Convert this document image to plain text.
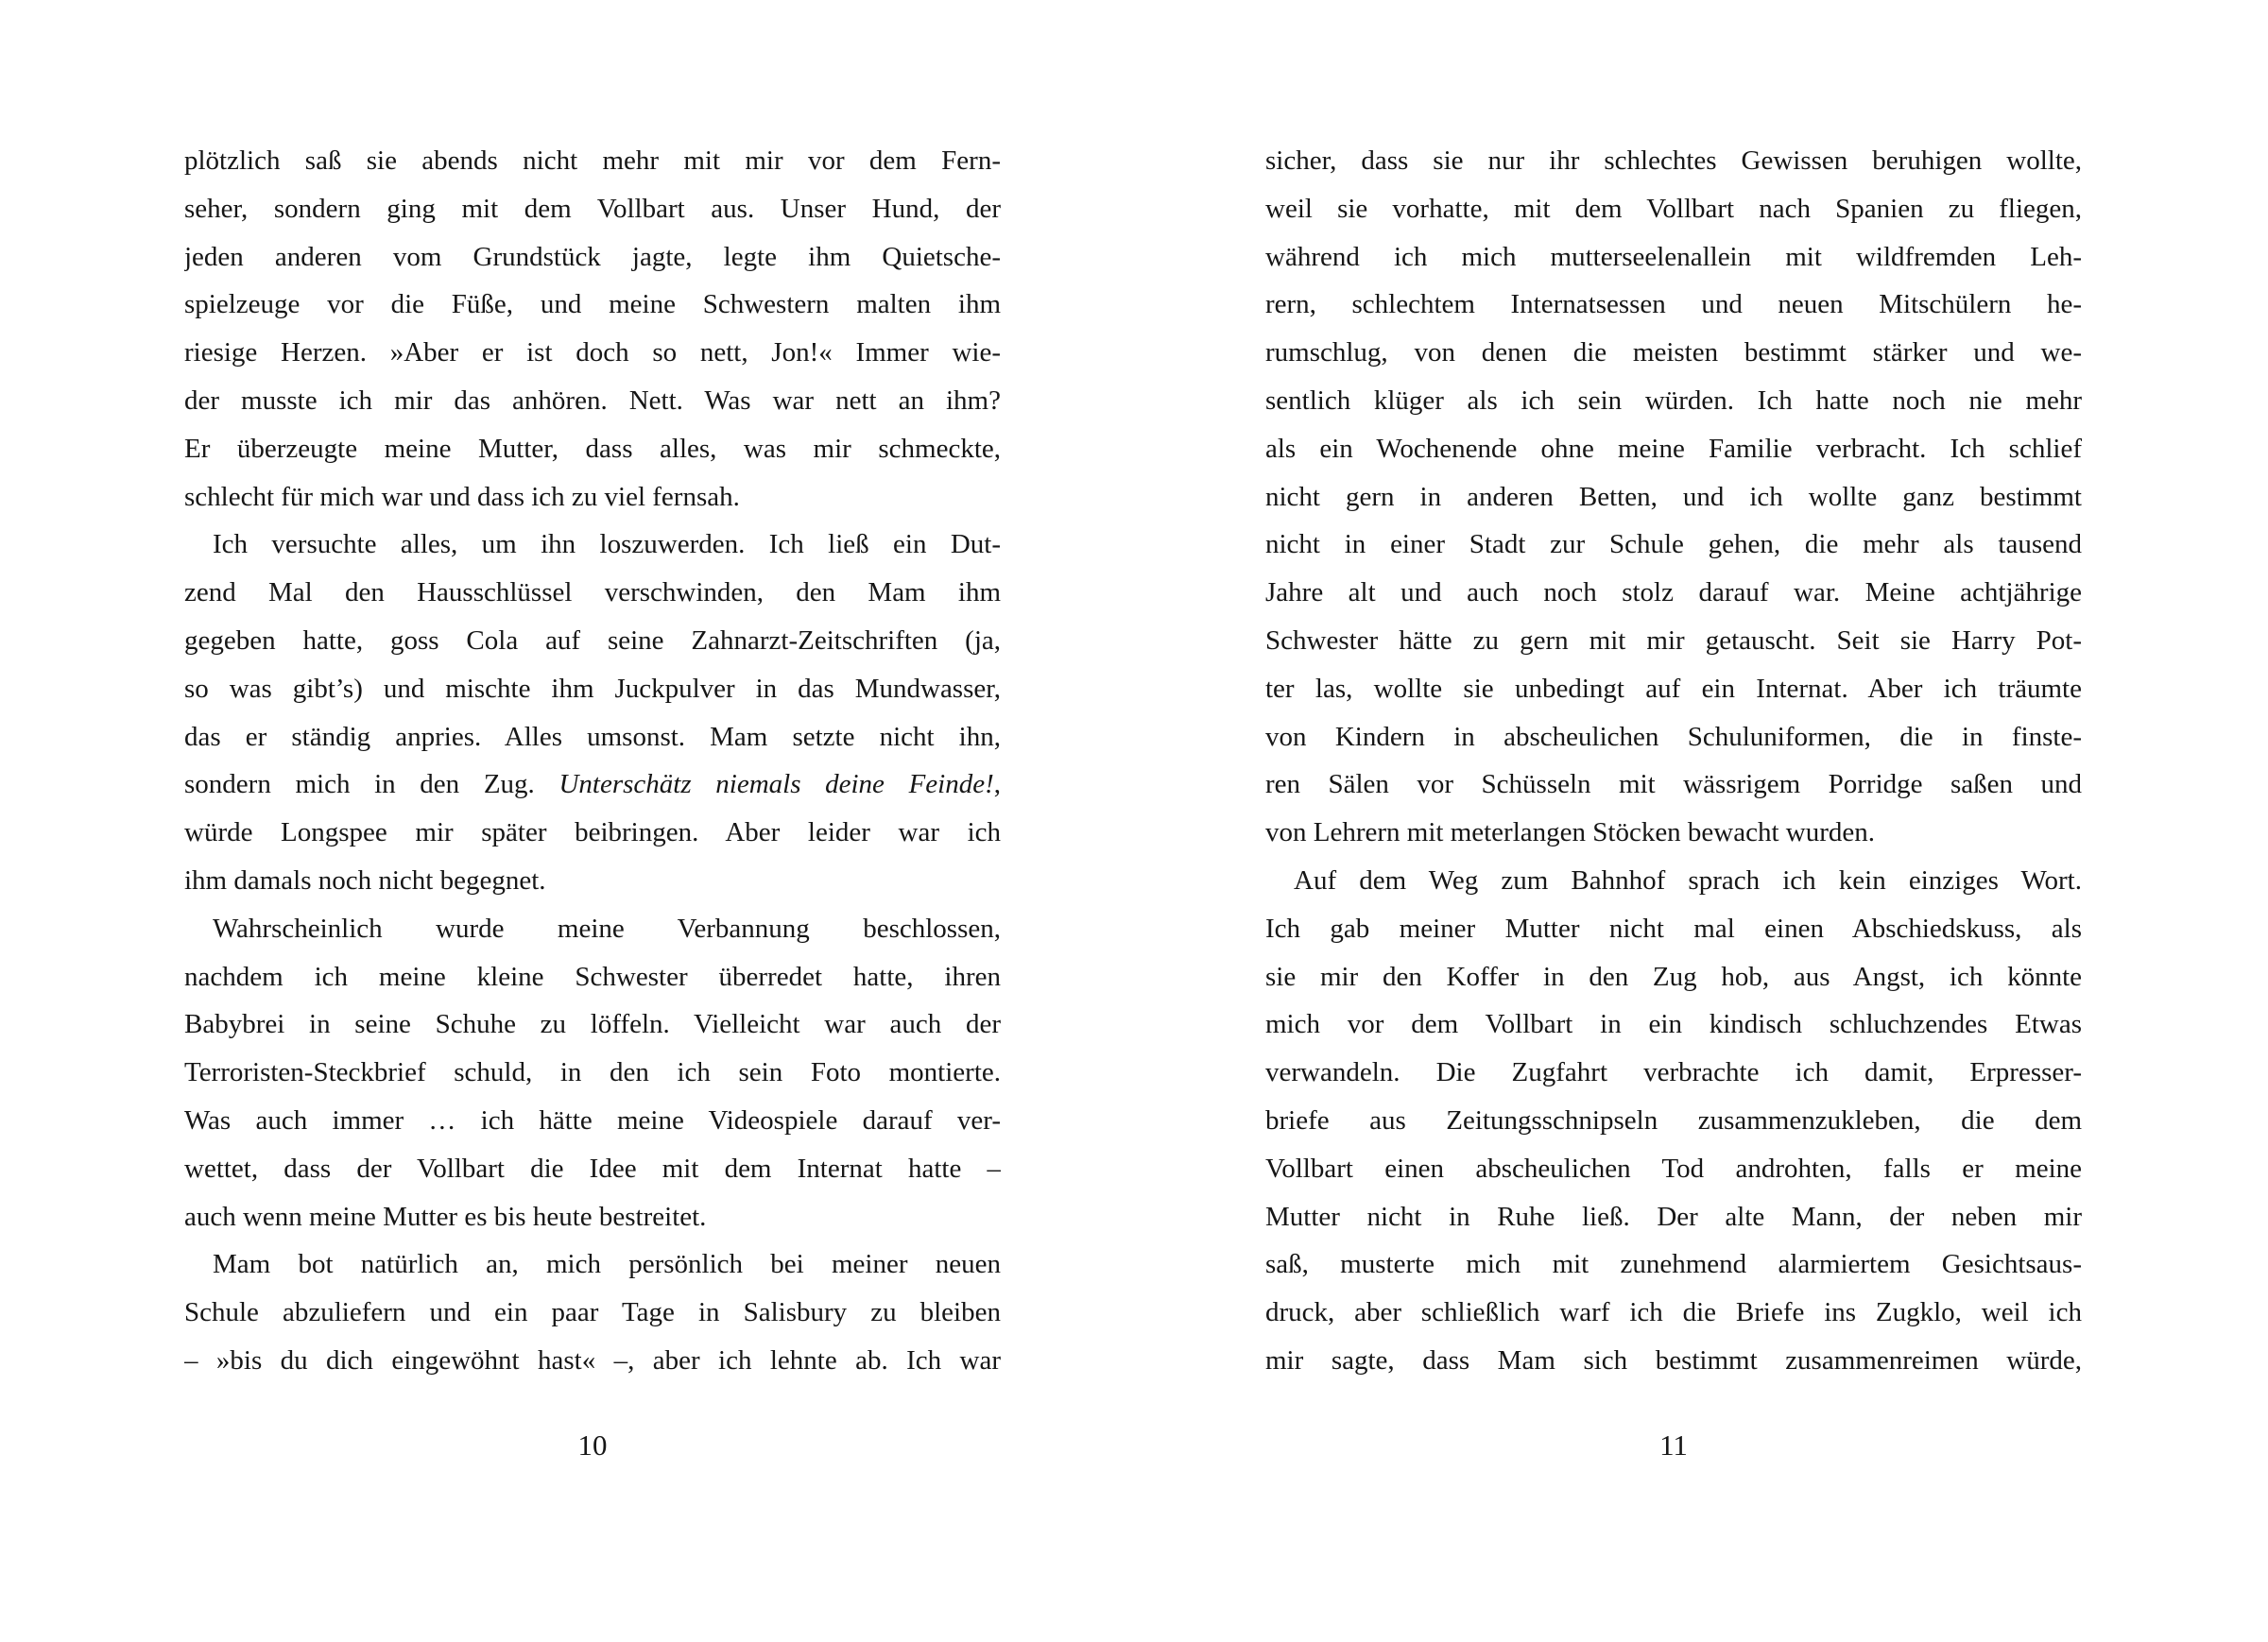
plötzlich saß sie abends nicht mehr mit mir vor dem Fern-
seher, sondern ging mit dem Vollbart aus. Unser Hund, der
jeden anderen vom Grundstück jagte, legte ihm Quietsche-
spielzeuge vor die Füße, und meine Schwestern malten ihm
riesige Herzen. »Aber er ist doch so nett, Jon!« Immer wie-
der musste ich mir das anhören. Nett. Was war nett an ihm?
Er überzeugte meine Mutter, dass alles, was mir schmeckte,
schlecht für mich war und dass ich zu viel fernsah.
Ich versuchte alles, um ihn loszuwerden. Ich ließ ein Dut-
zend Mal den Hausschlüssel verschwinden, den Mam ihm
gegeben hatte, goss Cola auf seine Zahnarzt-Zeitschriften (ja,
so was gibt’s) und mischte ihm Juckpulver in das Mundwasser,
das er ständig anpries. Alles umsonst. Mam setzte nicht ihn,
sondern mich in den Zug. Unterschätz niemals deine Feinde!,
würde Longspee mir später beibringen. Aber leider war ich
ihm damals noch nicht begegnet.
Wahrscheinlich wurde meine Verbannung beschlossen,
nachdem ich meine kleine Schwester überredet hatte, ihren
Babybrei in seine Schuhe zu löffeln. Vielleicht war auch der
Terroristen-Steckbrief schuld, in den ich sein Foto montierte.
Was auch immer … ich hätte meine Videospiele darauf ver-
wettet, dass der Vollbart die Idee mit dem Internat hatte –
auch wenn meine Mutter es bis heute bestreitet.
Mam bot natürlich an, mich persönlich bei meiner neuen
Schule abzuliefern und ein paar Tage in Salisbury zu bleiben
– »bis du dich eingewöhnt hast« –, aber ich lehnte ab. Ich war
sicher, dass sie nur ihr schlechtes Gewissen beruhigen wollte,
weil sie vorhatte, mit dem Vollbart nach Spanien zu fliegen,
während ich mich mutterseelenallein mit wildfremden Leh-
rern, schlechtem Internatsessen und neuen Mitschülern he-
rumschlug, von denen die meisten bestimmt stärker und we-
sentlich klüger als ich sein würden. Ich hatte noch nie mehr
als ein Wochenende ohne meine Familie verbracht. Ich schlief
nicht gern in anderen Betten, und ich wollte ganz bestimmt
nicht in einer Stadt zur Schule gehen, die mehr als tausend
Jahre alt und auch noch stolz darauf war. Meine achtjährige
Schwester hätte zu gern mit mir getauscht. Seit sie Harry Pot-
ter las, wollte sie unbedingt auf ein Internat. Aber ich träumte
von Kindern in abscheulichen Schuluniformen, die in finste-
ren Sälen vor Schüsseln mit wässrigem Porridge saßen und
von Lehrern mit meterlangen Stöcken bewacht wurden.
Auf dem Weg zum Bahnhof sprach ich kein einziges Wort.
Ich gab meiner Mutter nicht mal einen Abschiedskuss, als
sie mir den Koffer in den Zug hob, aus Angst, ich könnte
mich vor dem Vollbart in ein kindisch schluchzendes Etwas
verwandeln. Die Zugfahrt verbrachte ich damit, Erpresser-
briefe aus Zeitungsschnipseln zusammenzukleben, die dem
Vollbart einen abscheulichen Tod androhten, falls er meine
Mutter nicht in Ruhe ließ. Der alte Mann, der neben mir
saß, musterte mich mit zunehmend alarmiertem Gesichtsaus-
druck, aber schließlich warf ich die Briefe ins Zugklo, weil ich
mir sagte, dass Mam sich bestimmt zusammenreimen würde,
10	11
